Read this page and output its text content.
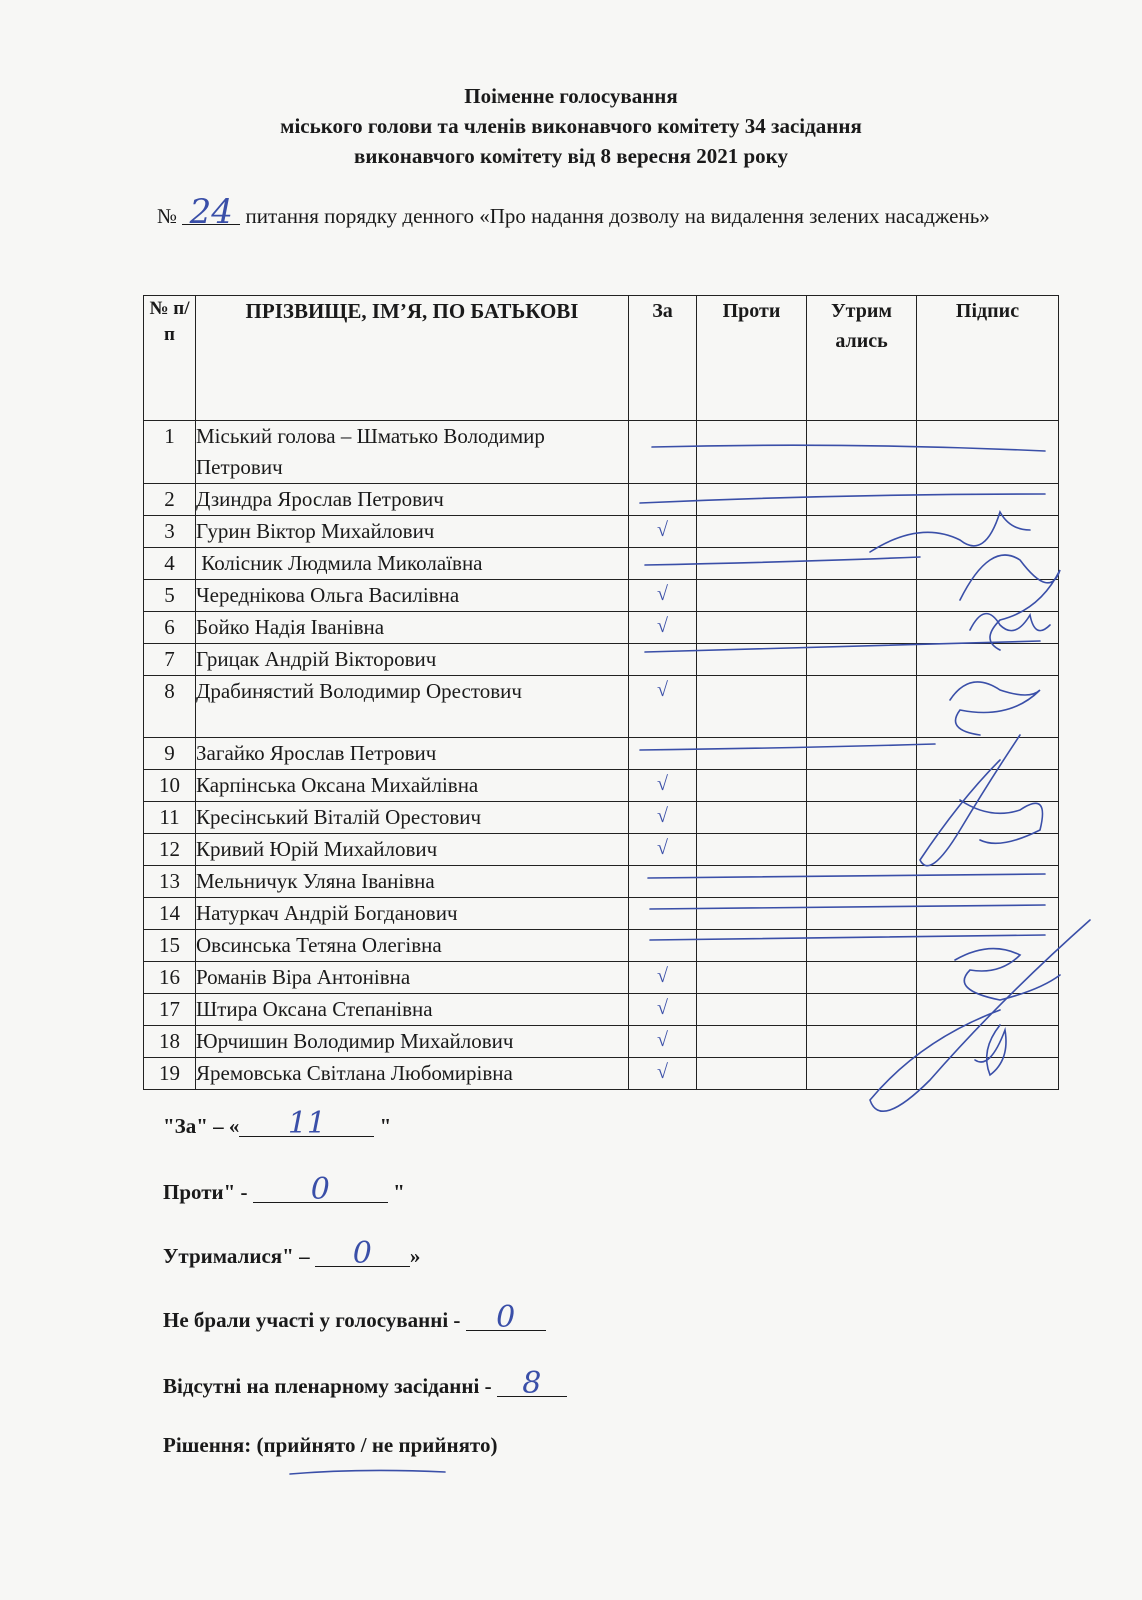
Поіменне голосування
міського голови та членів виконавчого комітету 34 засідання
виконавчого комітету від 8 вересня 2021 року
№ 24 питання порядку денного «Про надання дозволу на видалення зелених насаджень»
№ п/п	ПРІЗВИЩЕ, ІМ’Я, ПО БАТЬКОВІ	За	Проти	Утрим ались	Підпис
1	Міський голова – Шматько Володимир Петрович				
2	Дзиндра Ярослав Петрович				
3	Гурин Віктор Михайлович	√			
4	Колісник Людмила Миколаївна				
5	Череднікова Ольга Василівна	√			
6	Бойко Надія Іванівна	√			
7	Грицак Андрій Вікторович				
8	Драбинястий Володимир Орестович	√			
9	Загайко Ярослав Петрович				
10	Карпінська Оксана Михайлівна	√			
11	Кресінський Віталій Орестович	√			
12	Кривий Юрій Михайлович	√			
13	Мельничук Уляна Іванівна				
14	Натуркач Андрій Богданович				
15	Овсинська Тетяна Олегівна				
16	Романів Віра Антонівна	√			
17	Штира Оксана Степанівна	√			
18	Юрчишин Володимир Михайлович	√			
19	Яремовська Світлана Любомирівна	√			
"За" – « 11 "
Проти" - 0	"
Утрималися" – 0 »
Не брали участі у голосуванні - 0
Відсутні на пленарному засіданні - 8
Рішення: (прийнято / не прийнято)
